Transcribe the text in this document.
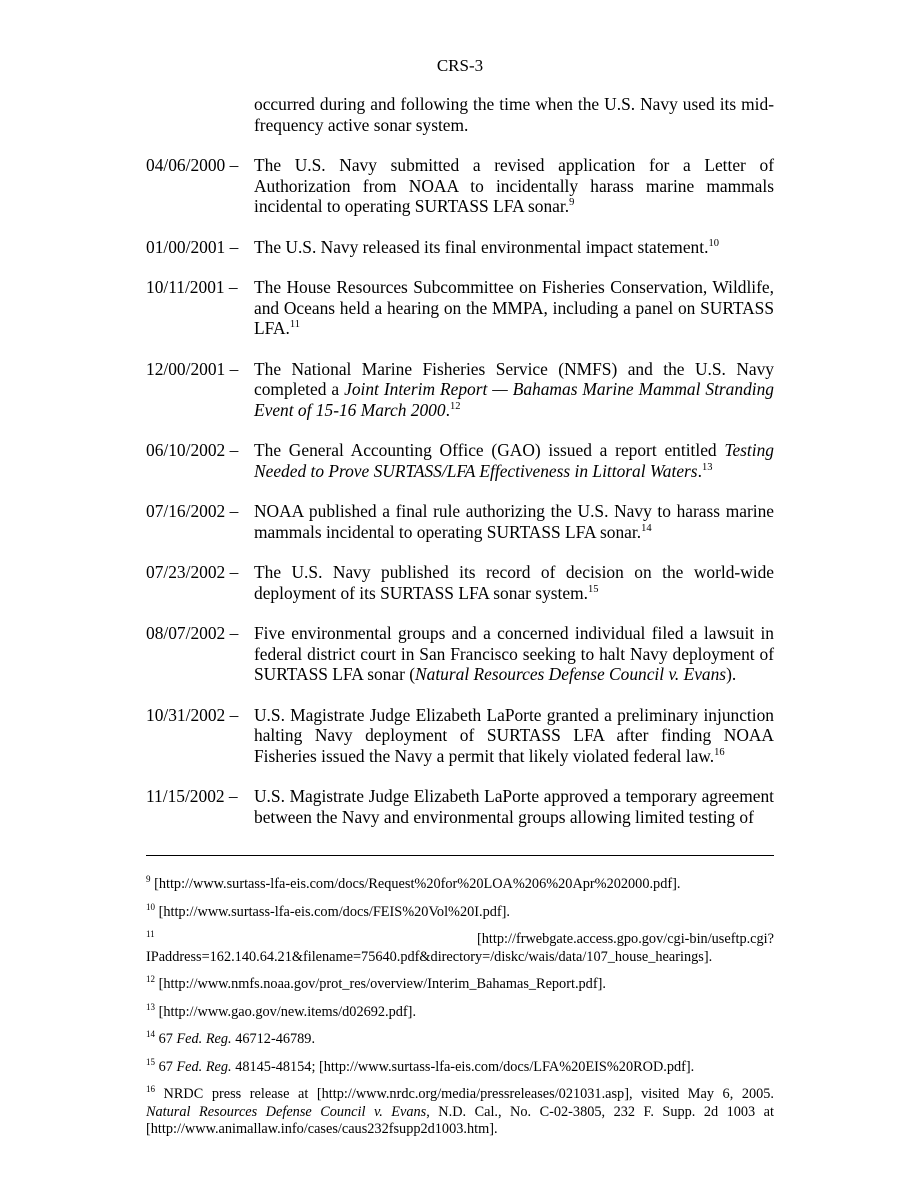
CRS-3
occurred during and following the time when the U.S. Navy used its mid-frequency active sonar system.
04/06/2000 – The U.S. Navy submitted a revised application for a Letter of Authorization from NOAA to incidentally harass marine mammals incidental to operating SURTASS LFA sonar.$^9$
01/00/2001 – The U.S. Navy released its final environmental impact statement.$^{10}$
10/11/2001 – The House Resources Subcommittee on Fisheries Conservation, Wildlife, and Oceans held a hearing on the MMPA, including a panel on SURTASS LFA.$^{11}$
12/00/2001 – The National Marine Fisheries Service (NMFS) and the U.S. Navy completed a Joint Interim Report — Bahamas Marine Mammal Stranding Event of 15-16 March 2000.12
06/10/2002 – The General Accounting Office (GAO) issued a report entitled Testing Needed to Prove SURTASS/LFA Effectiveness in Littoral Waters.$^{13}$
07/16/2002 – NOAA published a final rule authorizing the U.S. Navy to harass marine mammals incidental to operating SURTASS LFA sonar.$^{14}$
07/23/2002 – The U.S. Navy published its record of decision on the world-wide deployment of its SURTASS LFA sonar system.$^{15}$
08/07/2002 – Five environmental groups and a concerned individual filed a lawsuit in federal district court in San Francisco seeking to halt Navy deployment of SURTASS LFA sonar (Natural Resources Defense Council v. Evans).
10/31/2002 – U.S. Magistrate Judge Elizabeth LaPorte granted a preliminary injunction halting Navy deployment of SURTASS LFA after finding NOAA Fisheries issued the Navy a permit that likely violated federal law.$^{16}$
11/15/2002 – U.S. Magistrate Judge Elizabeth LaPorte approved a temporary agreement between the Navy and environmental groups allowing limited testing of
$^9$ [http://www.surtass-lfa-eis.com/docs/Request%20for%20LOA%206%20Apr%202000.pdf].
$^{10}$ [http://www.surtass-lfa-eis.com/docs/FEIS%20Vol%20I.pdf].
$^{11}$ [http://frwebgate.access.gpo.gov/cgi-bin/useftp.cgi?IPaddress=162.140.64.21&filename=75640.pdf&directory=/diskc/wais/data/107_house_hearings].
$^{12}$ [http://www.nmfs.noaa.gov/prot_res/overview/Interim_Bahamas_Report.pdf].
$^{13}$ [http://www.gao.gov/new.items/d02692.pdf].
$^{14}$ 67 Fed. Reg. 46712-46789.
$^{15}$ 67 Fed. Reg. 48145-48154; [http://www.surtass-lfa-eis.com/docs/LFA%20EIS%20ROD.pdf].
$^{16}$ NRDC press release at [http://www.nrdc.org/media/pressreleases/021031.asp], visited May 6, 2005. Natural Resources Defense Council v. Evans, N.D. Cal., No. C-02-3805, 232 F. Supp. 2d 1003 at [http://www.animallaw.info/cases/caus232fsupp2d1003.htm].
